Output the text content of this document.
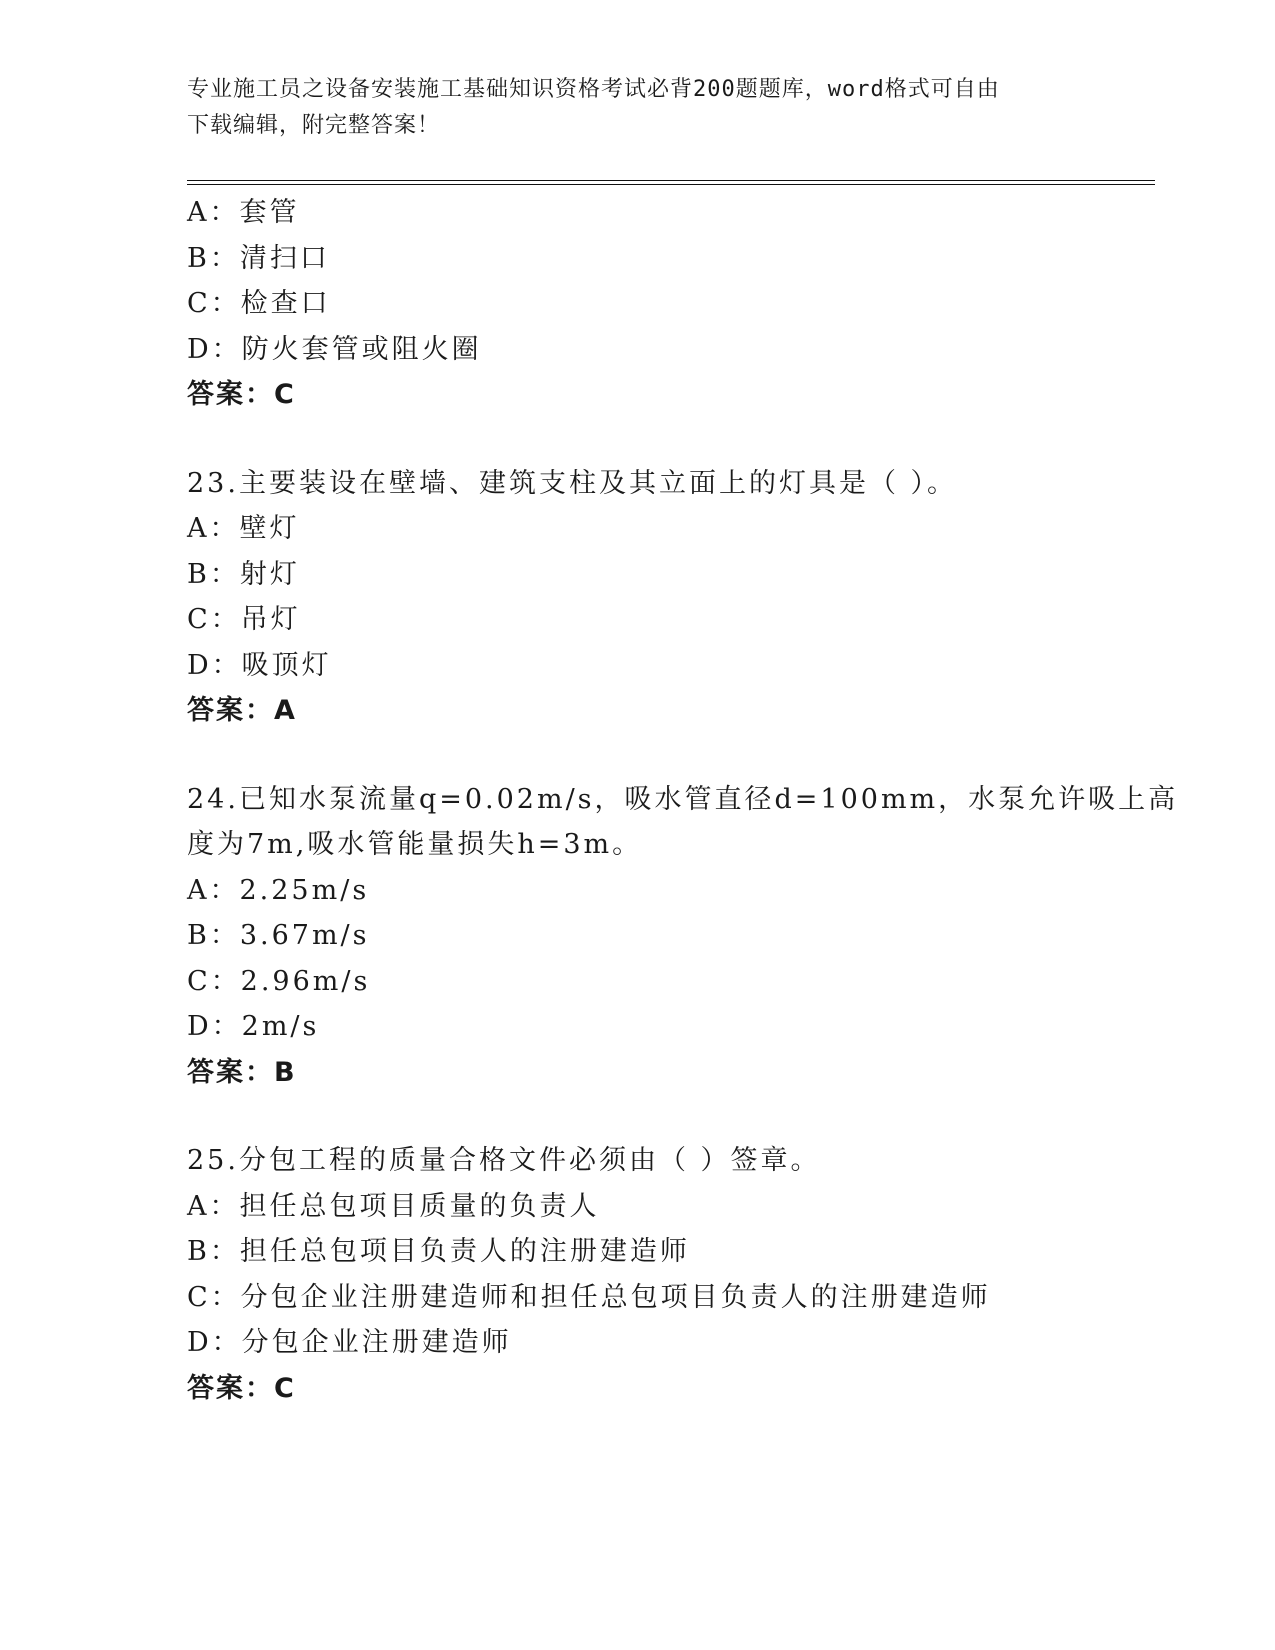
专业施工员之设备安装施工基础知识资格考试必背200题题库，word格式可自由
下载编辑，附完整答案！
A：套管
B：清扫口
C：检查口
D：防火套管或阻火圈
答案：C
23.主要装设在壁墙、建筑支柱及其立面上的灯具是（ ）。
A：壁灯
B：射灯
C：吊灯
D：吸顶灯
答案：A
24.已知水泵流量q=0.02m/s，吸水管直径d=100mm，水泵允许吸上高
度为7m,吸水管能量损失h=3m。
A：2.25m/s
B：3.67m/s
C：2.96m/s
D：2m/s
答案：B
25.分包工程的质量合格文件必须由（ ）签章。
A：担任总包项目质量的负责人
B：担任总包项目负责人的注册建造师
C：分包企业注册建造师和担任总包项目负责人的注册建造师
D：分包企业注册建造师
答案：C
